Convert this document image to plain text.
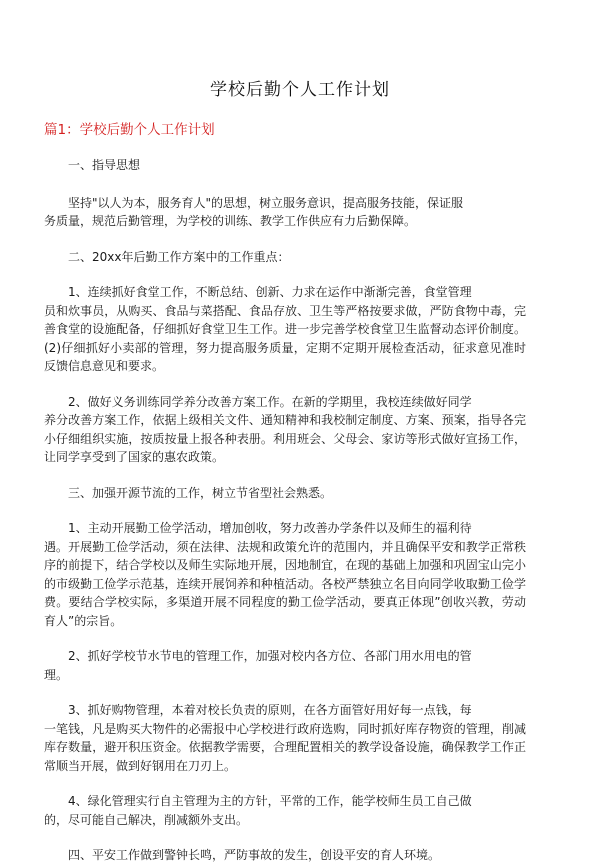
学校后勤个人工作计划
篇1：学校后勤个人工作计划

一、指导思想

坚持"以人为本，服务育人"的思想，树立服务意识，提高服务技能，保证服
务质量，规范后勤管理，为学校的训练、教学工作供应有力后勤保障。

二、20xx年后勤工作方案中的工作重点：

1、连续抓好食堂工作，不断总结、创新、力求在运作中渐渐完善，食堂管理
员和炊事员，从购买、食品与菜搭配、食品存放、卫生等严格按要求做，严防食物中毒，完善食堂的设施配备，仔细抓好食堂卫生工作。进一步完善学校食堂卫生监督动态评价制度。(2)仔细抓好小卖部的管理，努力提高服务质量，定期不定期开展检查活动，征求意见准时反馈信息意见和要求。

2、做好义务训练同学养分改善方案工作。在新的学期里，我校连续做好同学
养分改善方案工作，依据上级相关文件、通知精神和我校制定制度、方案、预案，指导各完小仔细组织实施，按质按量上报各种表册。利用班会、父母会、家访等形式做好宣扬工作，让同学享受到了国家的惠农政策。

三、加强开源节流的工作，树立节省型社会熟悉。

1、主动开展勤工俭学活动，增加创收，努力改善办学条件以及师生的福利待
遇。开展勤工俭学活动，须在法律、法规和政策允许的范围内，并且确保平安和教学正常秩序的前提下，结合学校以及师生实际地开展，因地制宜，在现的基础上加强和巩固宝山完小的市级勤工俭学示范基，连续开展饲养和种植活动。各校严禁独立名目向同学收取勤工俭学费。要结合学校实际，多渠道开展不同程度的勤工俭学活动，要真正体现”创收兴教，劳动育人”的宗旨。

2、抓好学校节水节电的管理工作，加强对校内各方位、各部门用水用电的管
理。

3、抓好购物管理，本着对校长负责的原则，在各方面管好用好每一点钱，每
一笔钱，凡是购买大物件的必需报中心学校进行政府选购，同时抓好库存物资的管理，削减库存数量，避开积压资金。依据教学需要，合理配置相关的教学设备设施，确保教学工作正常顺当开展，做到好钢用在刀刃上。

4、绿化管理实行自主管理为主的方针，平常的工作，能学校师生员工自己做
的，尽可能自己解决，削减额外支出。

四、平安工作做到警钟长鸣，严防事故的发生，创设平安的育人环境。
